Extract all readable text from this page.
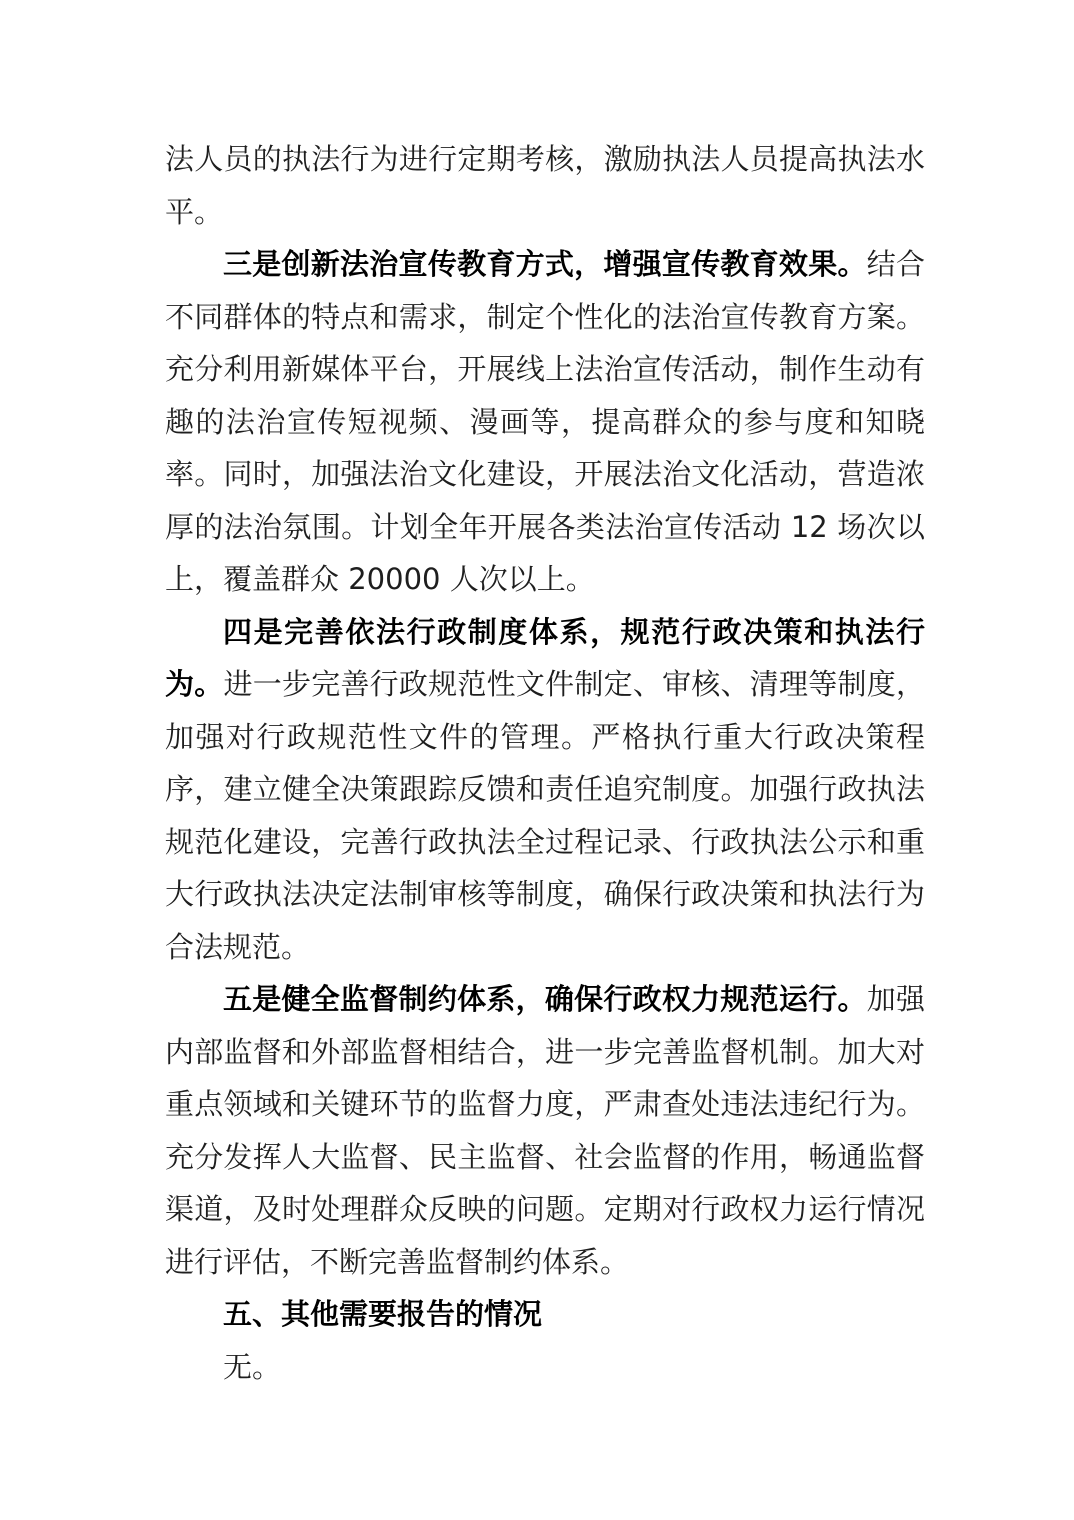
法人员的执法行为进行定期考核，激励执法人员提高执法水平。

三是创新法治宣传教育方式，增强宣传教育效果。结合不同群体的特点和需求，制定个性化的法治宣传教育方案。充分利用新媒体平台，开展线上法治宣传活动，制作生动有趣的法治宣传短视频、漫画等，提高群众的参与度和知晓率。同时，加强法治文化建设，开展法治文化活动，营造浓厚的法治氛围。计划全年开展各类法治宣传活动 12 场次以上，覆盖群众 20000 人次以上。

四是完善依法行政制度体系，规范行政决策和执法行为。进一步完善行政规范性文件制定、审核、清理等制度，加强对行政规范性文件的管理。严格执行重大行政决策程序，建立健全决策跟踪反馈和责任追究制度。加强行政执法规范化建设，完善行政执法全过程记录、行政执法公示和重大行政执法决定法制审核等制度，确保行政决策和执法行为合法规范。

五是健全监督制约体系，确保行政权力规范运行。加强内部监督和外部监督相结合，进一步完善监督机制。加大对重点领域和关键环节的监督力度，严肃查处违法违纪行为。充分发挥人大监督、民主监督、社会监督的作用，畅通监督渠道，及时处理群众反映的问题。定期对行政权力运行情况进行评估，不断完善监督制约体系。

五、其他需要报告的情况

无。
